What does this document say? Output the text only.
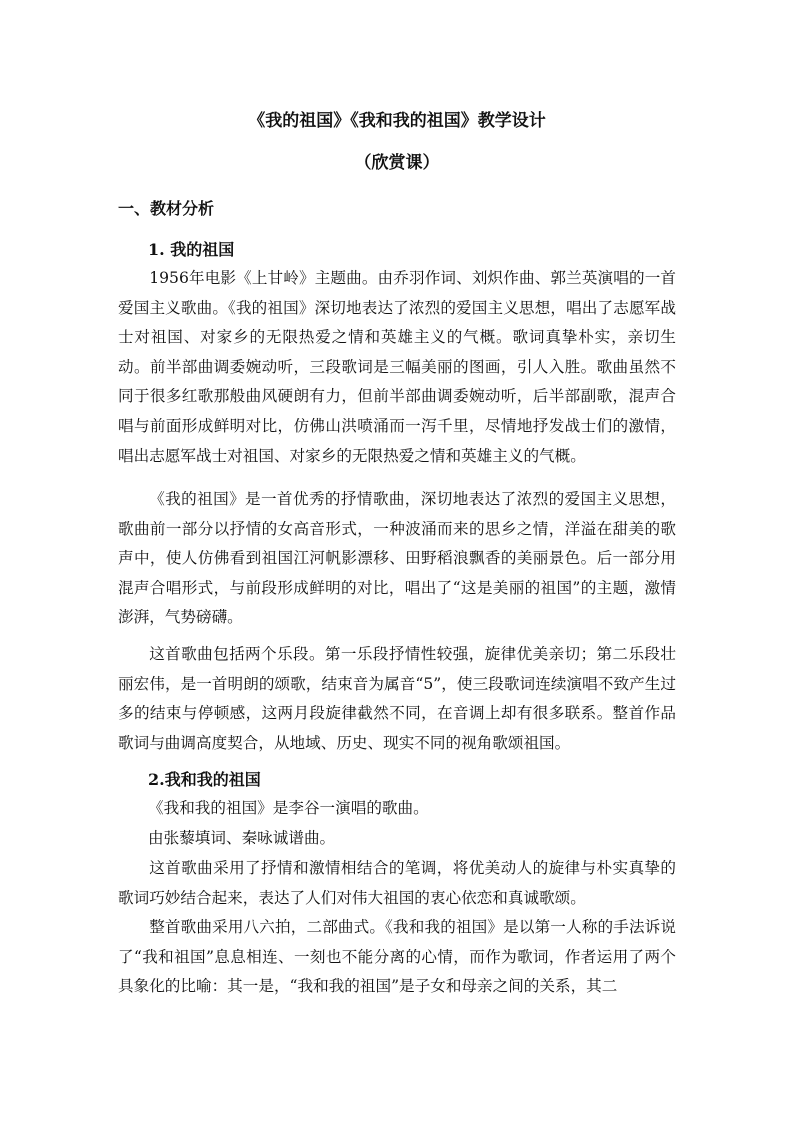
《我的祖国》《我和我的祖国》教学设计
（欣赏课）
一、教材分析
1. 我的祖国

1956年电影《上甘岭》主题曲。由乔羽作词、刘炽作曲、郭兰英演唱的一首爱国主义歌曲。《我的祖国》深切地表达了浓烈的爱国主义思想，唱出了志愿军战士对祖国、对家乡的无限热爱之情和英雄主义的气概。歌词真挚朴实，亲切生动。前半部曲调委婉动听，三段歌词是三幅美丽的图画，引人入胜。歌曲虽然不同于很多红歌那般曲风硬朗有力，但前半部曲调委婉动听，后半部副歌，混声合唱与前面形成鲜明对比，仿佛山洪喷涌而一泻千里，尽情地抒发战士们的激情，唱出志愿军战士对祖国、对家乡的无限热爱之情和英雄主义的气概。

《我的祖国》是一首优秀的抒情歌曲，深切地表达了浓烈的爱国主义思想，歌曲前一部分以抒情的女高音形式，一种波涌而来的思乡之情，洋溢在甜美的歌声中，使人仿佛看到祖国江河帆影漂移、田野稻浪飘香的美丽景色。后一部分用混声合唱形式，与前段形成鲜明的对比，唱出了“这是美丽的祖国”的主题，激情澎湃，气势磅礴。

这首歌曲包括两个乐段。第一乐段抒情性较强，旋律优美亲切；第二乐段壮丽宏伟，是一首明朗的颂歌，结束音为属音“5”，使三段歌词连续演唱不致产生过多的结束与停顿感，这两月段旋律截然不同，在音调上却有很多联系。整首作品歌词与曲调高度契合，从地域、历史、现实不同的视角歌颂祖国。

2.我和我的祖国

《我和我的祖国》是李谷一演唱的歌曲。

由张藜填词、秦咏诚谱曲。

这首歌曲采用了抒情和激情相结合的笔调，将优美动人的旋律与朴实真挚的歌词巧妙结合起来，表达了人们对伟大祖国的衷心依恋和真诚歌颂。

整首歌曲采用八六拍，二部曲式。《我和我的祖国》是以第一人称的手法诉说了“我和祖国”息息相连、一刻也不能分离的心情，而作为歌词，作者运用了两个具象化的比喻：其一是，“我和我的祖国”是子女和母亲之间的关系，其二
